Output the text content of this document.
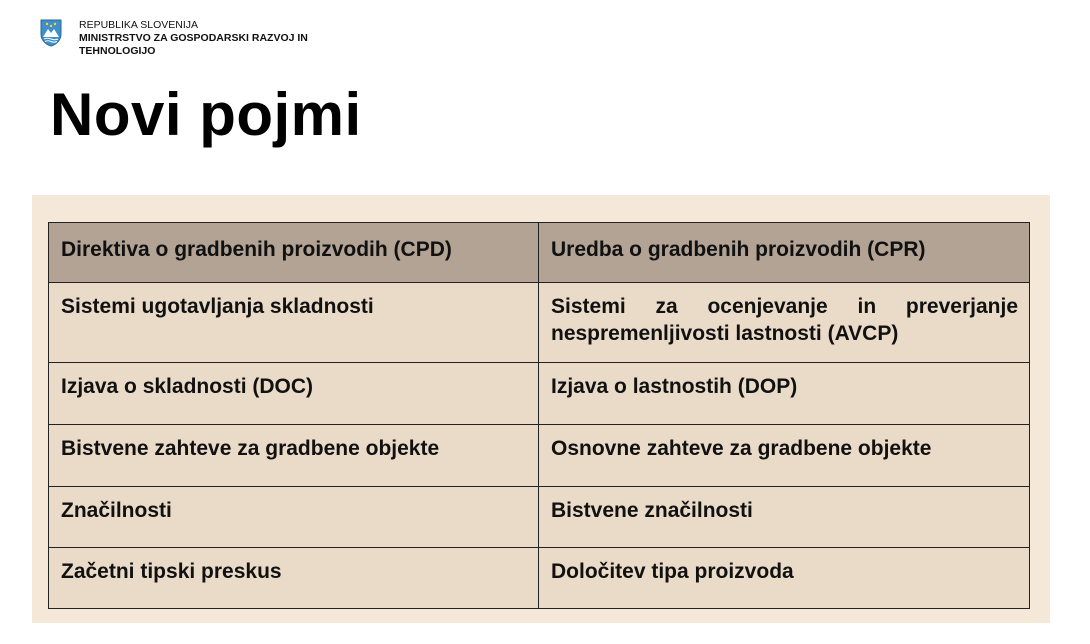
REPUBLIKA SLOVENIJA
MINISTRSTVO ZA GOSPODARSKI RAZVOJ IN TEHNOLOGIJO
Novi pojmi
Direktiva o gradbenih proizvodih (CPD)	Uredba o gradbenih proizvodih (CPR)
Sistemi ugotavljanja skladnosti	Sistemi za ocenjevanje in preverjanje nespremenljivosti lastnosti (AVCP)
Izjava o skladnosti (DOC)	Izjava o lastnostih (DOP)
Bistvene zahteve za gradbene objekte	Osnovne zahteve za gradbene objekte
Značilnosti	Bistvene značilnosti
Začetni tipski preskus	Določitev tipa proizvoda
